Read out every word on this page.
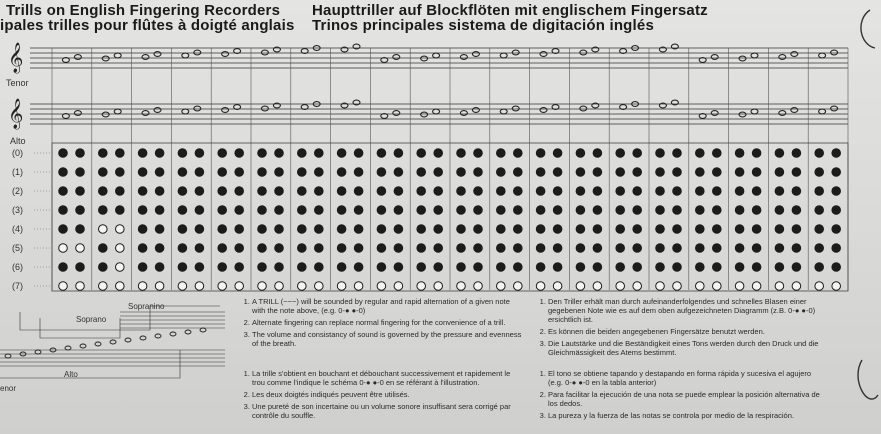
Trills on English Fingering Recorders
ipales trilles pour flûtes à doigté anglais
Haupttriller auf Blockflöten mit englischem Fingersatz
Trinos principales sistema de digitación inglés
Tenor
Alto
(0)
(1)
(2)
(3)
(4)
(5)
(6)
(7)
𝄞
𝄞
Sopranino
Soprano
Alto
enor
1. A TRILL (~~~) will be sounded by regular and rapid alternation of a given note with the note above, (e.g. 0-● ●-0)
2. Alternate fingering can replace normal fingering for the convenience of a trill.
3. The volume and consistancy of sound is governed by the pressure and evenness of the breath.
1. La trille s'obtient en bouchant et débouchant successivement et rapidement le trou comme l'indique le schéma 0-● ●-0 en se référant à l'illustration.
2. Les deux doigtés indiqués peuvent être utilisés.
3. Une pureté de son incertaine ou un volume sonore insuffisant sera corrigé par contrôle du souffle.
1. Den Triller erhält man durch aufeinanderfolgendes und schnelles Blasen einer gegebenen Note wie es auf dem oben aufgezeichneten Diagramm (z.B. 0-● ●-0) ersichtlich ist.
2. Es können die beiden angegebenen Fingersätze benutzt werden.
3. Die Lautstärke und die Beständigkeit eines Tons werden durch den Druck und die Gleichmässigkeit des Atems bestimmt.
1. El tono se obtiene tapando y destapando en forma rápida y sucesiva el agujero (e.g. 0-● ●-0 en la tabla anterior)
2. Para facilitar la ejecución de una nota se puede emplear la posición alternativa de los dedos.
3. La pureza y la fuerza de las notas se controla por medio de la respiración.
